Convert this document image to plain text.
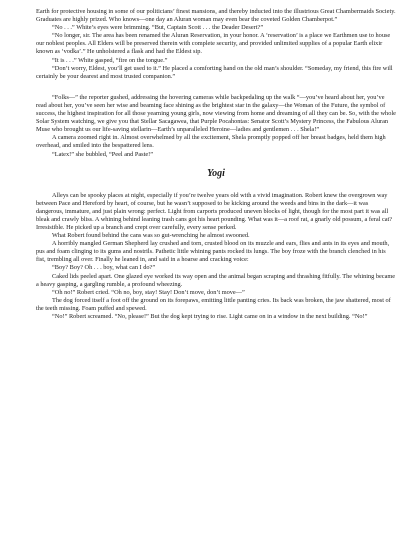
Earth for protective housing in some of our politicians’ finest mansions, and thereby inducted into the illustrious Great Chambermaids Society. Graduates are highly prized. Who knows—one day an Aluran woman may even bear the coveted Golden Chamberpot.”

“No . . .” White’s eyes were brimming. “But, Captain Scott . . . the Deader Desert?”

“No longer, sir. The area has been renamed the Aluran Reservation, in your honor. A ‘reservation’ is a place we Earthmen use to house our noblest peoples. All Elders will be preserved therein with complete security, and provided unlimited supplies of a popular Earth elixir known as ‘vodka’.” He unholstered a flask and had the Eldest sip.

“It is . . .” White gasped, “fire on the tongue.”

“Don’t worry, Eldest, you’ll get used to it.” He placed a comforting hand on the old man’s shoulder. “Someday, my friend, this fire will certainly be your dearest and most trusted companion.”

“Folks—” the reporter gushed, addressing the hovering cameras while backpedaling up the walk “—you’ve heard about her, you’ve read about her, you’ve seen her wise and beaming face shining as the brightest star in the galaxy—the Woman of the Future, the symbol of success, the highest inspiration for all those yearning young girls, now viewing from home and dreaming of all they can be. So, with the whole Solar System watching, we give you that Stellar Sacagawea, that Purple Pocahontas: Senator Scott’s Mystery Princess, the Fabulous Aluran Muse who brought us our life-saving stellarin—Earth’s unparalleled Heroine—ladies and gentlemen . . . Shela!”

A camera zoomed right in. Almost overwhelmed by all the excitement, Shela promptly popped off her breast badges, held them high overhead, and smiled into the bespattered lens.

“Latex!” she bubbled, “Peel and Paste!”

Yogi

Alleys can be spooky places at night, especially if you’re twelve years old with a vivid imagination. Robert knew the overgrown way between Pace and Hereford by heart, of course, but he wasn’t supposed to be kicking around the weeds and bins in the dark—it was dangerous, immature, and just plain wrong: perfect. Light from carports produced uneven blocks of light, though for the most part it was all bleak and crawly bliss. A whining behind leaning trash cans got his heart pounding. What was it—a roof rat, a gnarly old possum, a feral cat? Irresistible. He picked up a branch and crept over carefully, every sense perked.

What Robert found behind the cans was so gut-wrenching he almost swooned.

A horribly mangled German Shepherd lay crushed and torn, crusted blood on its muzzle and ears, flies and ants in its eyes and mouth, pus and foam clinging to its gums and nostrils. Pathetic little whining pants rocked its lungs. The boy froze with the branch clenched in his fist, trembling all over. Finally he leaned in, and said in a hoarse and cracking voice:

“Boy? Boy? Oh . . . boy, what can I do?”

Caked lids peeled apart. One glazed eye worked its way open and the animal began scraping and thrashing fitfully. The whining became a heavy gasping, a gargling rumble, a profound wheezing.

“Oh no!” Robert cried. “Oh no, boy, stay! Stay! Don’t move, don’t move—”

The dog forced itself a foot off the ground on its forepaws, emitting little panting cries. Its back was broken, the jaw shattered, most of the teeth missing. Foam puffed and spewed.

“No!” Robert screamed. “No, please!” But the dog kept trying to rise. Light came on in a window in the next building. “No!”
